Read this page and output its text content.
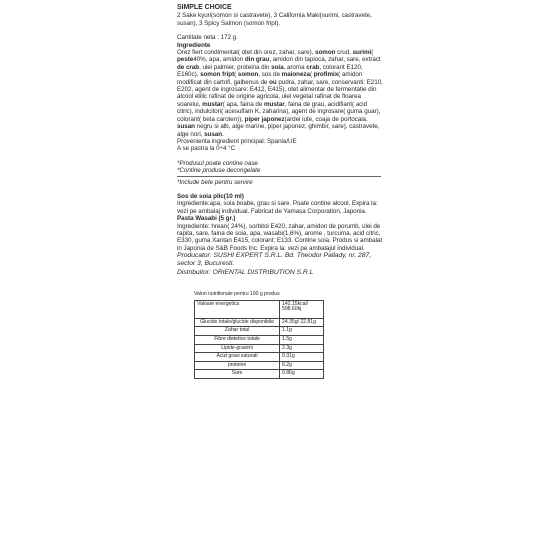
SIMPLE CHOICE
2 Sake kyuri(somon si castravete), 3 California Maki(surimi, castravete, susan), 3 Spicy Salmon (somon fript).
Cantitate neta : 172 g
Ingrediente
Orez fiert condimentat( otet din orez, zahar, sare), somon crud, surimi( peste40%, apa, amidon din grau, amidon din tapioca, zahar, sare, extract de crab, ulei palmier, proteina din soia, aroma crab, colorant E120, E160c), somon fript( somon, sos de maioneza( profimix( amidon modificat din cartofi, galbenus de ou pudra, zahar, sare, conservanti: E210, E202, agent de ingrosare: E412, E415), otet alimentar de fermentatie din alcool etilic rafinat de origine agricola, ulei vegetal rafinat de floarea soarelui, mustar( apa, faina de mustar, faina de grau, acidifiant( acid citric), indulcitori( acesulfam K, zaharina), agent de ingrosare( guma guar), colorant( beta caroten)), piper japonez(ardei iute, coaja de portocala, susan negru si alb, alge marine, piper japonez, ghimbir, sare), castravete, alge nori, susan.
Provenienta ingredient principal: Spania/UE
A se pastra la 0÷4 °C
*Produsul poate contine oase
*Contine produse decongelate
*Include bete pentru servire
Sos de soia plic(10 ml)
Ingrediente:apa, soia boabe, grau si sare. Poate contine alcool. Expira la: vezi pe ambalaj individual. Fabricat de Yamasa Corporation, Japonia.
Pasta Wasabi (5 gr.)
Ingrediente: hrean( 24%), sorbitol E420, zahar, amidon de porumb, ulei de rapita, sare, faina de soia, apa, wasabi(1,6%), arome , turcuma, acid citric, E330, guma Xantan E415, colorant: E133. Contine soia. Produs si ambalat in Japonia de S&B Foods Inc. Expira la: vezi pe ambalajul individual.
Producator: SUSHI EXPERT S.R.L. Bd. Theodor Pallady, nr. 287, sector 3, Bucuresti.
Distribuitor: ORIENTAL DISTRIBUTION S.R.L
Valori nutritionale pentru 100 g produs
Valoare energetica	142.15kcal/ 598.60kj
Glucide totale/glucide disponibile	24.35g/ 22.81g
Zahar total	1.1g
Fibre dietetice totale	1.5g
Lipide-grasimi	2.3g
Acizi grasi saturati	0.31g
proteine	6.2g
Sare	0.86g
